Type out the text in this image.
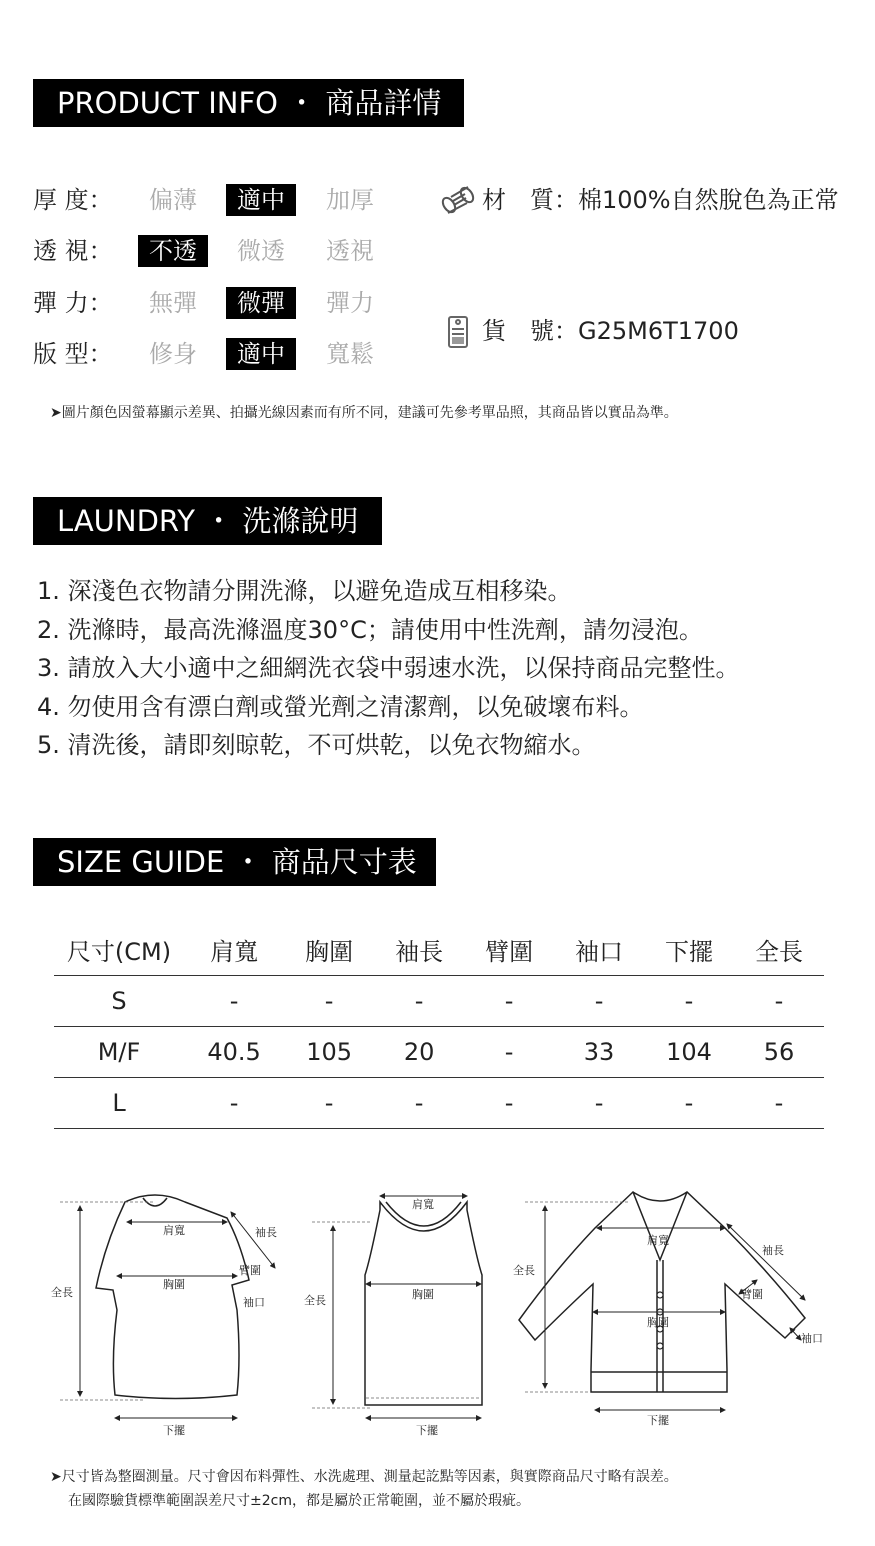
PRODUCT INFO ・ 商品詳情
厚 度：	偏薄	適中	加厚
透 視：	不透	微透	透視
彈 力：	無彈	微彈	彈力
版 型：	修身	適中	寬鬆
材　質：棉100%自然脫色為正常
貨　號：G25M6T1700
➤圖片顏色因螢幕顯示差異、拍攝光線因素而有所不同，建議可先參考單品照，其商品皆以實品為準。
LAUNDRY ・ 洗滌說明
1. 深淺色衣物請分開洗滌，以避免造成互相移染。
2. 洗滌時，最高洗滌溫度30°C；請使用中性洗劑，請勿浸泡。
3. 請放入大小適中之細網洗衣袋中弱速水洗，以保持商品完整性。
4. 勿使用含有漂白劑或螢光劑之清潔劑，以免破壞布料。
5. 清洗後，請即刻晾乾，不可烘乾，以免衣物縮水。
SIZE GUIDE ・ 商品尺寸表
尺寸(CM)	肩寬	胸圍	袖長	臂圍	袖口	下擺	全長
S	-	-	-	-	-	-	-
M/F	40.5	105	20	-	33	104	56
L	-	-	-	-	-	-	-
肩寬
胸圍
袖長
臂圍
袖口
全長
下擺
肩寬
胸圍
全長
下擺
肩寬
胸圍
袖長
臂圍
袖口
全長
下擺
➤尺寸皆為整圈測量。尺寸會因布料彈性、水洗處理、測量起訖點等因素，與實際商品尺寸略有誤差。
在國際驗貨標準範圍誤差尺寸±2cm，都是屬於正常範圍，並不屬於瑕疵。
